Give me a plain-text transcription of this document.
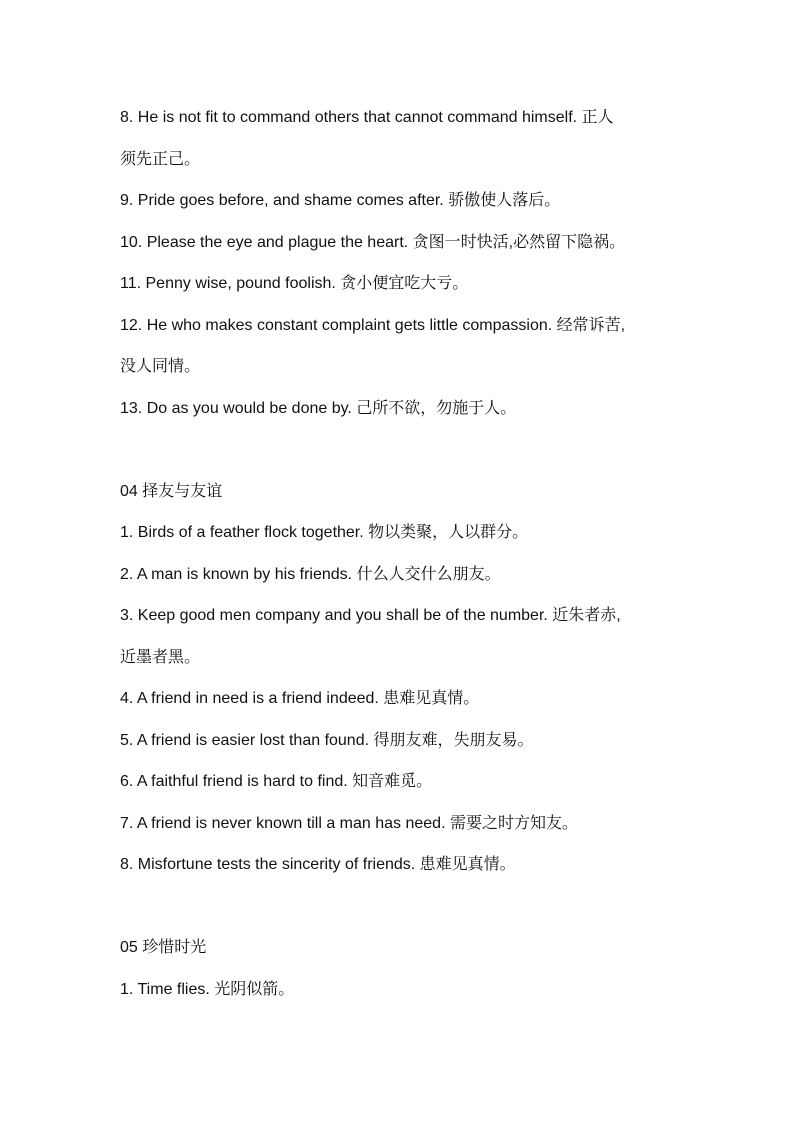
8. He is not fit to command others that cannot command himself. 正人
须先正己。
9. Pride goes before, and shame comes after. 骄傲使人落后。
10. Please the eye and plague the heart. 贪图一时快活,必然留下隐祸。
11. Penny wise, pound foolish. 贪小便宜吃大亏。
12. He who makes constant complaint gets little compassion. 经常诉苦,
没人同情。
13. Do as you would be done by. 己所不欲，勿施于人。
04 择友与友谊
1. Birds of a feather flock together. 物以类聚，人以群分。
2. A man is known by his friends. 什么人交什么朋友。
3. Keep good men company and you shall be of the number. 近朱者赤,
近墨者黑。
4. A friend in need is a friend indeed. 患难见真情。
5. A friend is easier lost than found. 得朋友难，失朋友易。
6. A faithful friend is hard to find. 知音难觅。
7. A friend is never known till a man has need. 需要之时方知友。
8. Misfortune tests the sincerity of friends. 患难见真情。
05 珍惜时光
1. Time flies. 光阴似箭。
